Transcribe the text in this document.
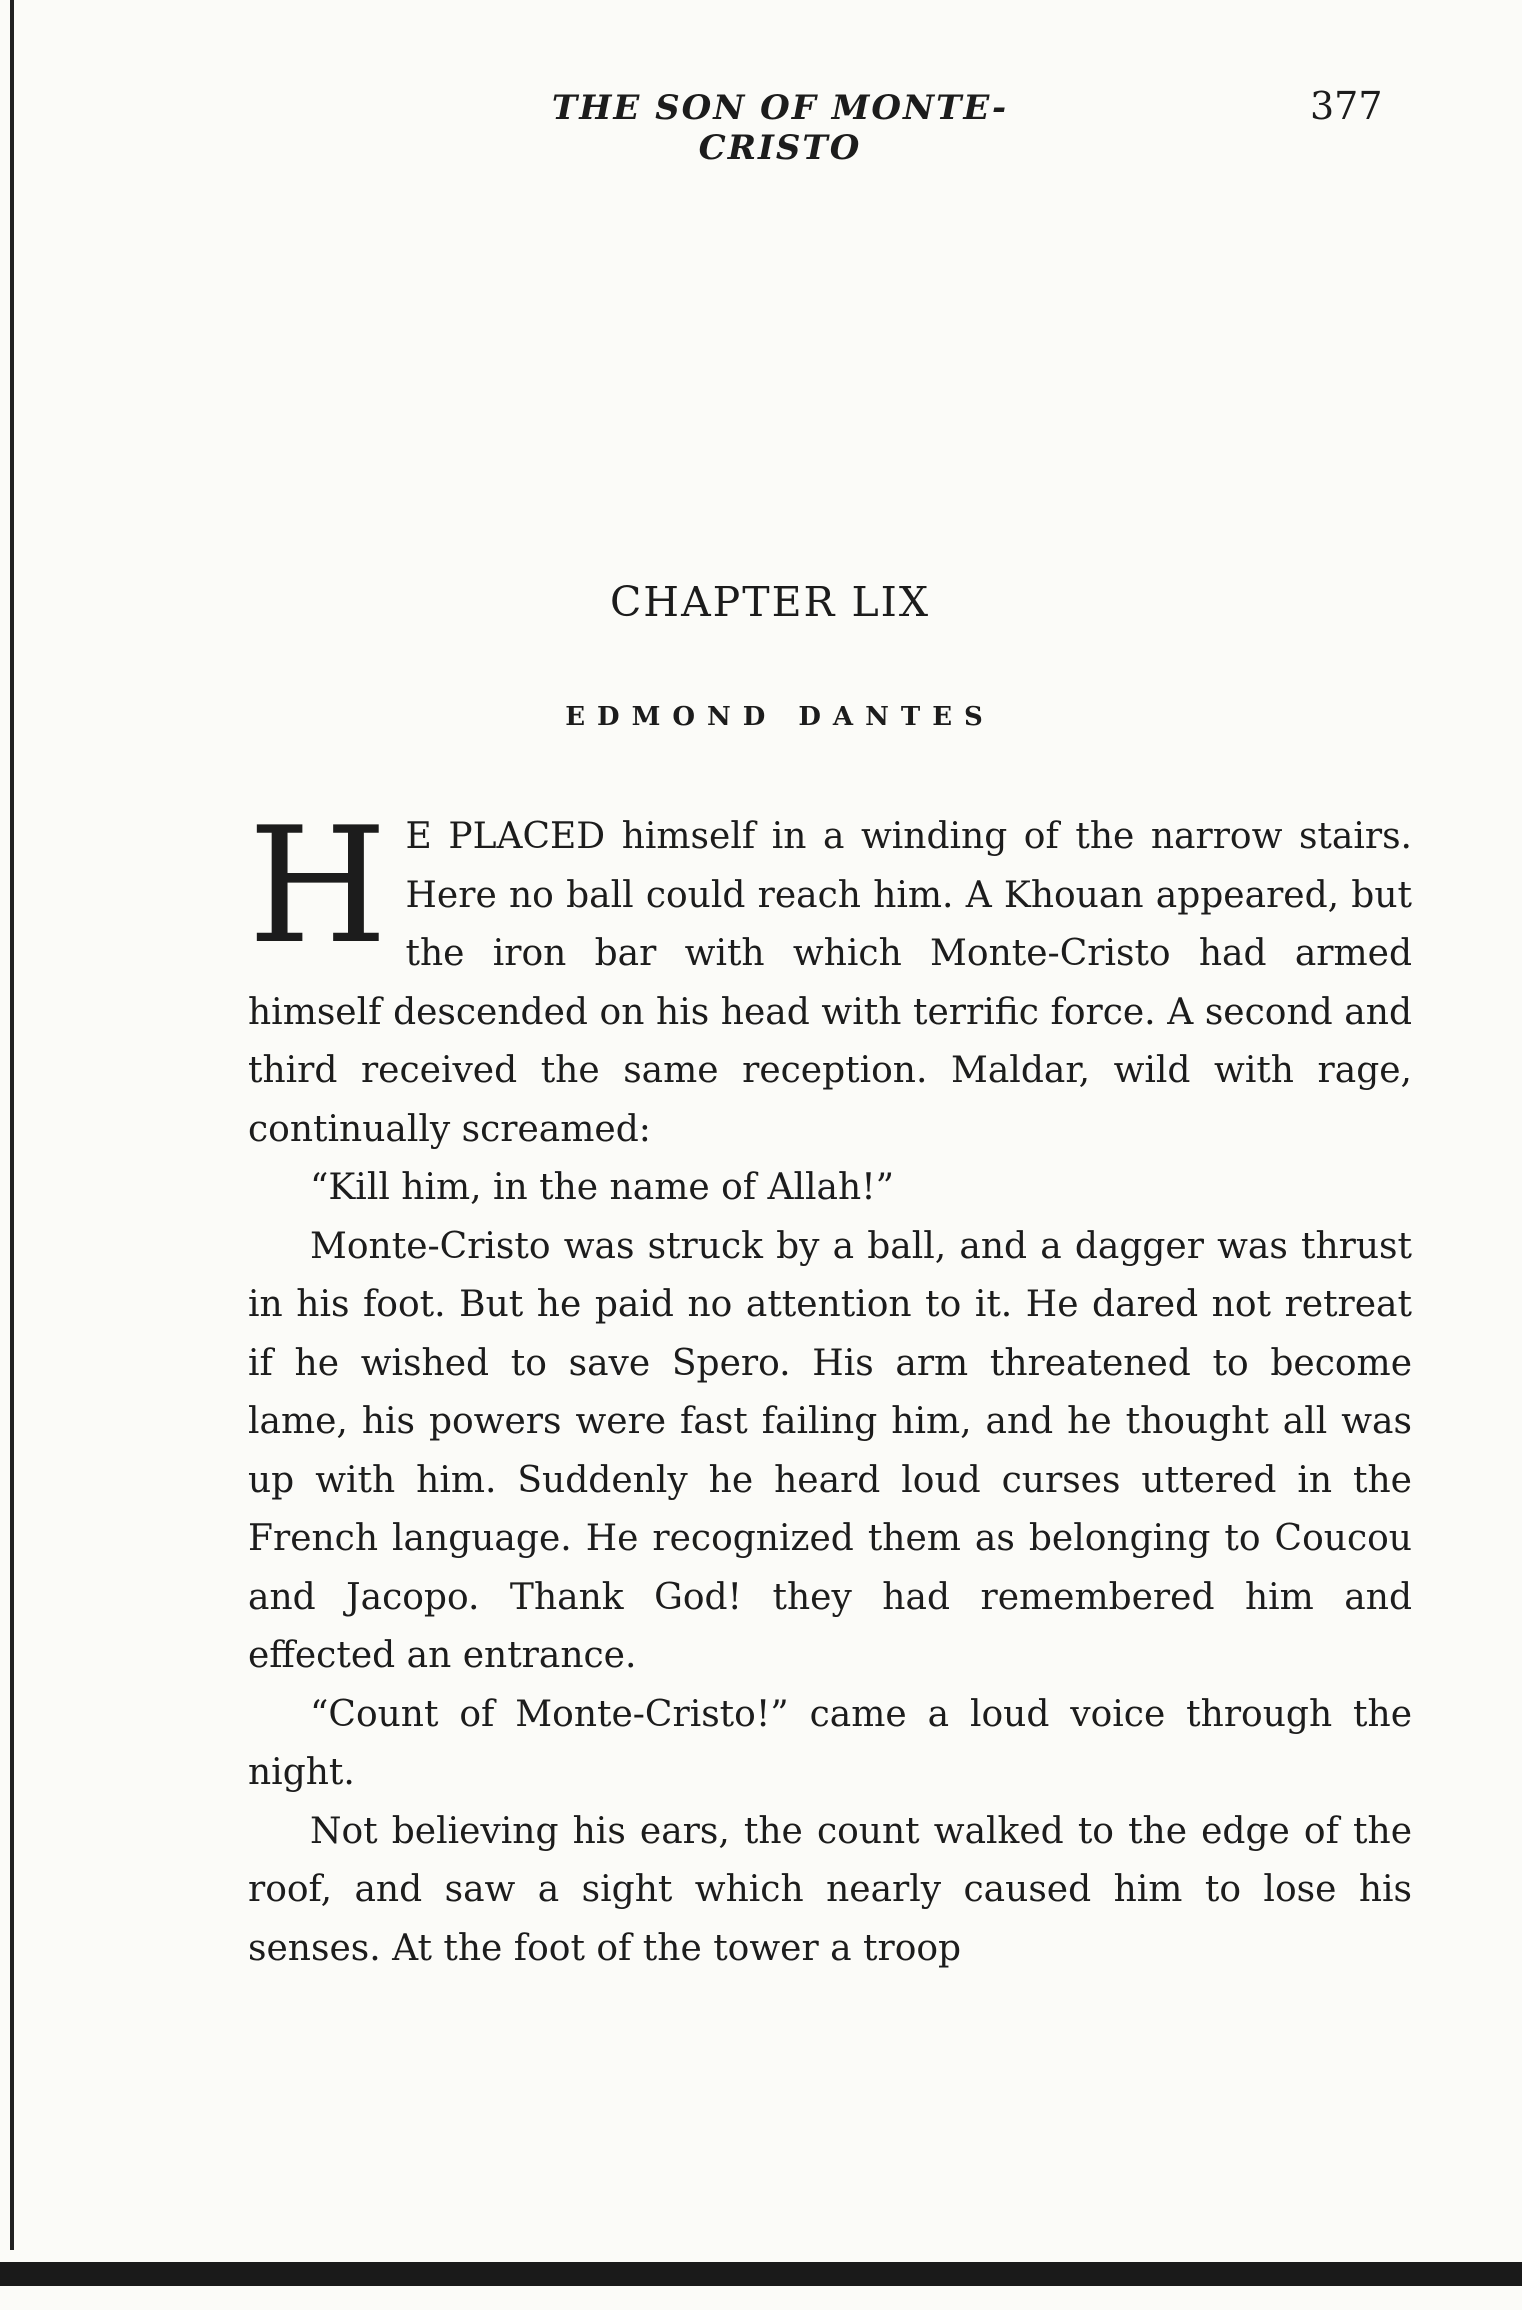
THE SON OF MONTE-CRISTO
377
CHAPTER LIX
EDMOND DANTES

H E PLACED himself in a winding of the narrow stairs. Here no ball could reach him. A Khouan appeared, but the iron bar with which Monte-Cristo had armed himself descended on his head with terrific force. A second and third received the same reception. Maldar, wild with rage, continually screamed:

“Kill him, in the name of Allah!”

Monte-Cristo was struck by a ball, and a dagger was thrust in his foot. But he paid no attention to it. He dared not retreat if he wished to save Spero. His arm threatened to become lame, his powers were fast failing him, and he thought all was up with him. Suddenly he heard loud curses uttered in the French language. He recognized them as belonging to Coucou and Jacopo. Thank God! they had remembered him and effected an entrance.

“Count of Monte-Cristo!” came a loud voice through the night.

Not believing his ears, the count walked to the edge of the roof, and saw a sight which nearly caused him to lose his senses. At the foot of the tower a troop
